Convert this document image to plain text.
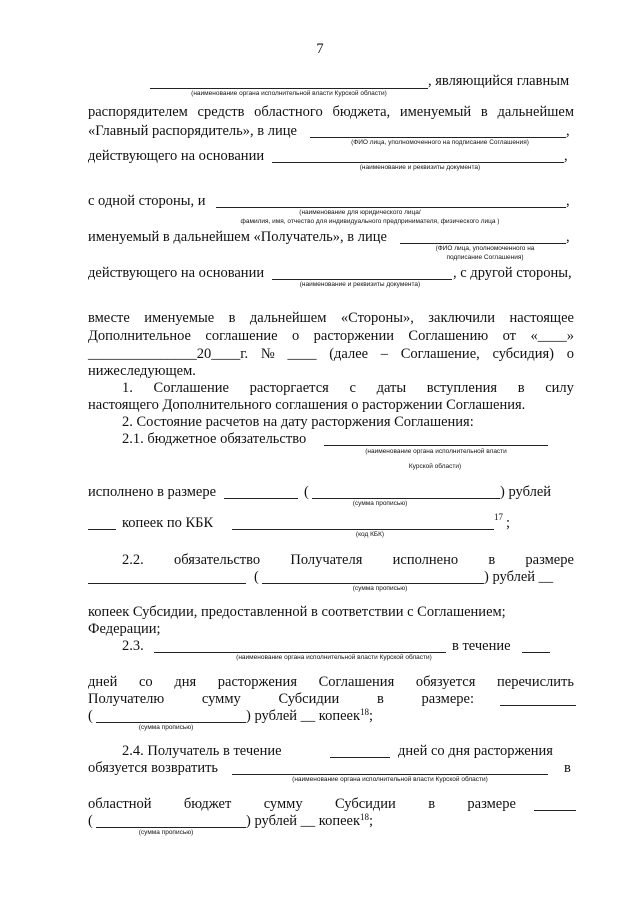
7
, являющийся главным
(наименование органа исполнительной власти Курской области)
распорядителем средств областного бюджета, именуемый в дальнейшем
«Главный распорядитель», в лице	,
(ФИО лица, уполномоченного на подписание Соглашения)
действующего на основании	,
(наименование и реквизиты документа)
с одной стороны, и	,
(наименование для юридического лица/
фамилия, имя, отчество для индивидуального предпринимателя, физического лица )
именуемый в дальнейшем «Получатель», в лице	,
(ФИО лица, уполномоченного на
подписание Соглашения)
действующего на основании	, с другой стороны,
(наименование и реквизиты документа)
вместе именуемые в дальнейшем «Стороны», заключили настоящее
Дополнительное соглашение о расторжении Соглашению от «____»
_______________20____г. № ____ (далее – Соглашение, субсидия) о
нижеследующем.
1. Соглашение расторгается с даты вступления в силу
настоящего Дополнительного соглашения о расторжении Соглашения.
2. Состояние расчетов на дату расторжения Соглашения:
2.1. бюджетное обязательство
(наименование органа исполнительной власти
Курской области)
исполнено в размере	(	) рублей
(сумма прописью)
копеек по КБК	$^{17}$ ;
(код КБК)
2.2. обязательство Получателя исполнено в размере
(	) рублей __
(сумма прописью)
копеек Субсидии, предоставленной в соответствии с Соглашением;
Федерации;
2.3.	в течение
(наименование органа исполнительной власти Курской области)
дней со дня расторжения Соглашения обязуется перечислить
Получателю	сумму	Субсидии	в	размере:
(	) рублей __ копеек$^{18}$;
(сумма прописью)
2.4. Получатель в течение	дней со дня расторжения
обязуется возвратить	в
(наименование органа исполнительной власти Курской области)
областной бюджет сумму Субсидии в размере
(	) рублей __ копеек$^{18}$;
(сумма прописью)
